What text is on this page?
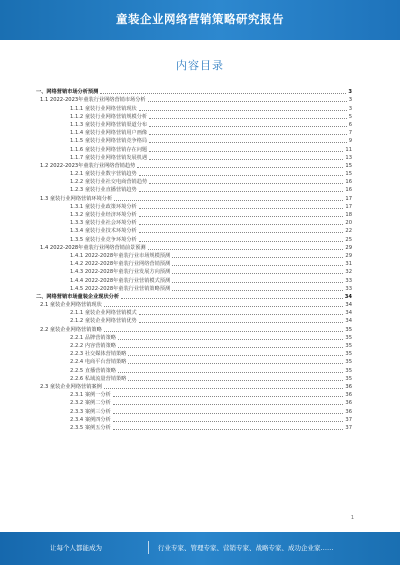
童装企业网络营销策略研究报告
内容目录
一、网络营销市场分析预测	3
1.1 2022-2023年童装行业网络营销市场分析	3
1.1.1 童装行业网络营销现状	3
1.1.2 童装行业网络营销规模分析	5
1.1.3 童装行业网络营销渠道分布	6
1.1.4 童装行业网络营销用户画像	7
1.1.5 童装行业网络营销竞争格局	9
1.1.6 童装行业网络营销存在问题	11
1.1.7 童装行业网络营销发展机遇	13
1.2 2022-2023年童装行业网络营销趋势	15
1.2.1 童装行业数字营销趋势	15
1.2.2 童装行业社交电商营销趋势	16
1.2.3 童装行业直播营销趋势	16
1.3 童装行业网络营销环境分析	17
1.3.1 童装行业政策环境分析	17
1.3.2 童装行业经济环境分析	18
1.3.3 童装行业社会环境分析	20
1.3.4 童装行业技术环境分析	22
1.3.5 童装行业竞争环境分析	25
1.4 2022-2028年童装行业网络营销前景预测	29
1.4.1 2022-2028年童装行业市场规模预测	29
1.4.2 2022-2028年童装行业网络营销预测	31
1.4.3 2022-2028年童装行业发展方向预测	32
1.4.4 2022-2028年童装行业营销模式预测	33
1.4.5 2022-2028年童装行业营销策略预测	33
二、网络营销市场童装企业现状分析	34
2.1 童装企业网络营销现状	34
2.1.1 童装企业网络营销模式	34
2.1.2 童装企业网络营销优势	34
2.2 童装企业网络营销策略	35
2.2.1 品牌营销策略	35
2.2.2 内容营销策略	35
2.2.3 社交媒体营销策略	35
2.2.4 电商平台营销策略	35
2.2.5 直播营销策略	35
2.2.6 私域流量营销策略	35
2.3 童装企业网络营销案例	36
2.3.1 案例一分析	36
2.3.2 案例二分析	36
2.3.3 案例三分析	36
2.3.4 案例四分析	37
2.3.5 案例五分析	37
1
让每个人都能成为	行业专家、管理专家、营销专家、战略专家、成功企业家……
